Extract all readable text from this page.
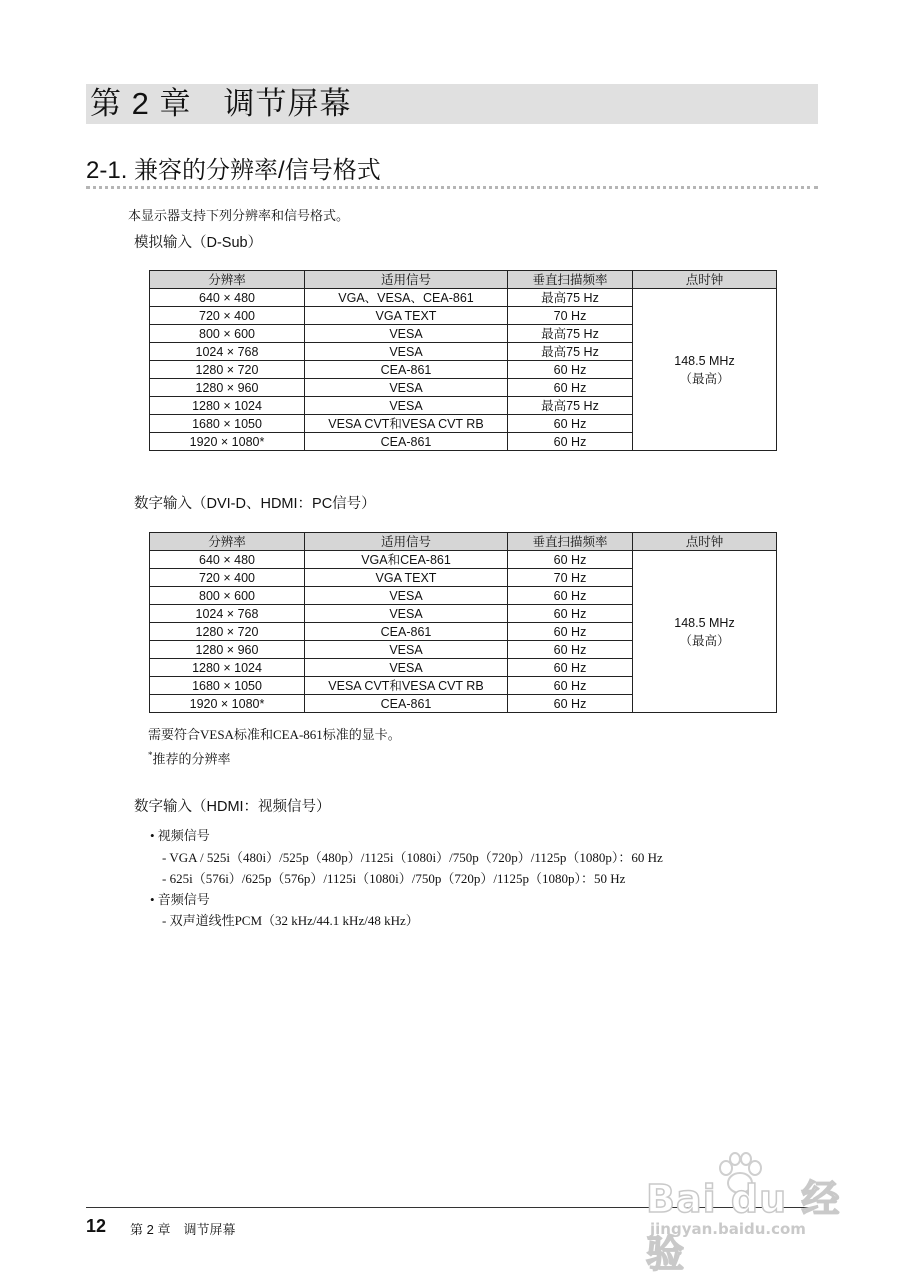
第 2 章　调节屏幕
2-1. 兼容的分辨率/信号格式
本显示器支持下列分辨率和信号格式。
模拟输入（D-Sub）
分辨率	适用信号	垂直扫描频率	点时钟
640 × 480	VGA、VESA、CEA-861	最高75 Hz	148.5 MHz
（最高）

720 × 400	VGA TEXT	70 Hz	
800 × 600	VESA	最高75 Hz	
1024 × 768	VESA	最高75 Hz	
1280 × 720	CEA-861	60 Hz	
1280 × 960	VESA	60 Hz	
1280 × 1024	VESA	最高75 Hz	
1680 × 1050	VESA CVT和VESA CVT RB	60 Hz	
1920 × 1080*	CEA-861	60 Hz	
数字输入（DVI-D、HDMI：PC信号）
分辨率	适用信号	垂直扫描频率	点时钟
640 × 480	VGA和CEA-861	60 Hz	148.5 MHz
（最高）

720 × 400	VGA TEXT	70 Hz	
800 × 600	VESA	60 Hz	
1024 × 768	VESA	60 Hz	
1280 × 720	CEA-861	60 Hz	
1280 × 960	VESA	60 Hz	
1280 × 1024	VESA	60 Hz	
1680 × 1050	VESA CVT和VESA CVT RB	60 Hz	
1920 × 1080*	CEA-861	60 Hz	
需要符合VESA标准和CEA-861标准的显卡。
*推荐的分辨率
数字输入（HDMI：视频信号）
• 视频信号
- VGA / 525i（480i）/525p（480p）/1125i（1080i）/750p（720p）/1125p（1080p）：60 Hz
- 625i（576i）/625p（576p）/1125i（1080i）/750p（720p）/1125p（1080p）：50 Hz
• 音频信号
- 双声道线性PCM（32 kHz/44.1 kHz/48 kHz）
12 第 2 章　调节屏幕
Bai du 经验
jingyan.baidu.com
